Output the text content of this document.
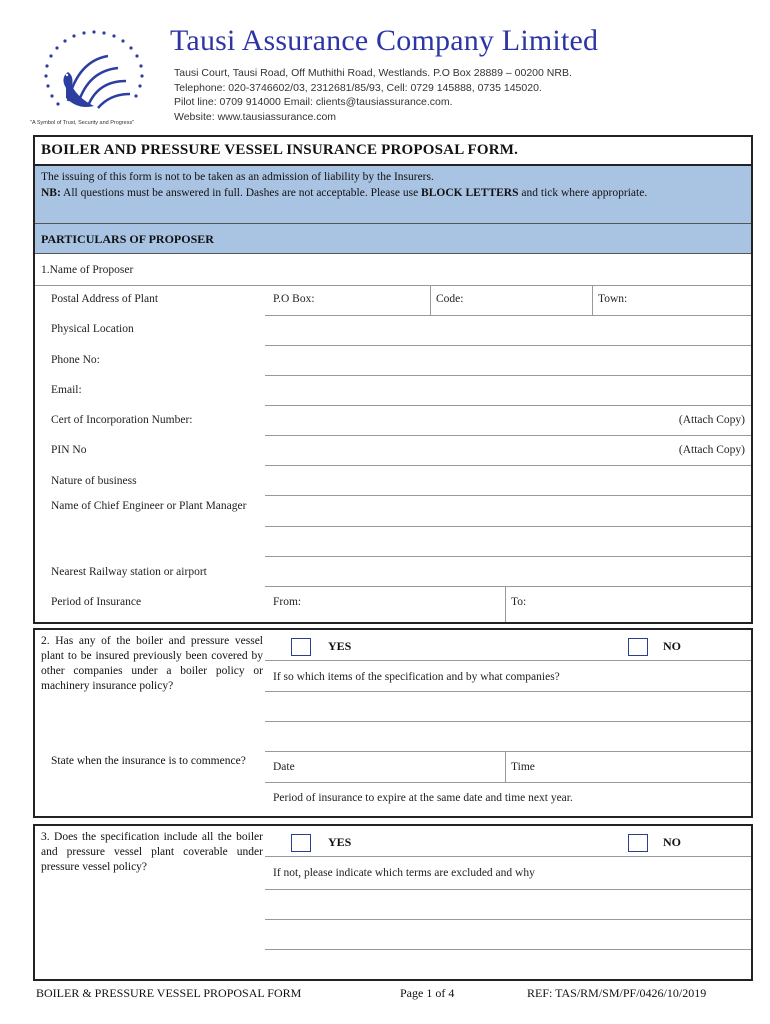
"A Symbol of Trust, Security and Progress"
Tausi Assurance Company Limited
Tausi Court, Tausi Road, Off Muthithi Road, Westlands. P.O Box 28889 – 00200 NRB.
Telephone: 020-3746602/03, 2312681/85/93, Cell: 0729 145888, 0735 145020.
Pilot line: 0709 914000 Email: clients@tausiassurance.com.
Website: www.tausiassurance.com
BOILER AND PRESSURE VESSEL INSURANCE PROPOSAL FORM.
The issuing of this form is not to be taken as an admission of liability by the Insurers.
NB: All questions must be answered in full. Dashes are not acceptable. Please use BLOCK LETTERS and tick where appropriate.
PARTICULARS OF PROPOSER
1.Name of Proposer
Postal Address of Plant	P.O Box:	Code:	Town:
Physical Location
Phone No:
Email:
Cert of Incorporation Number:	(Attach Copy)
PIN No	(Attach Copy)
Nature of business
Name of Chief Engineer or Plant Manager
Nearest Railway station or airport
Period of Insurance	From:	To:
2. Has any of the boiler and pressure vessel plant to be insured previously been covered by other companies under a boiler policy or machinery insurance policy?
YES	NO
If so which items of the specification and by what companies?
State when the insurance is to commence?	Date	Time
Period of insurance to expire at the same date and time next year.
3. Does the specification include all the boiler and pressure vessel plant coverable under pressure vessel policy?
YES	NO
If not, please indicate which terms are excluded and why
BOILER & PRESSURE VESSEL PROPOSAL FORM	Page 1 of 4	REF: TAS/RM/SM/PF/0426/10/2019
